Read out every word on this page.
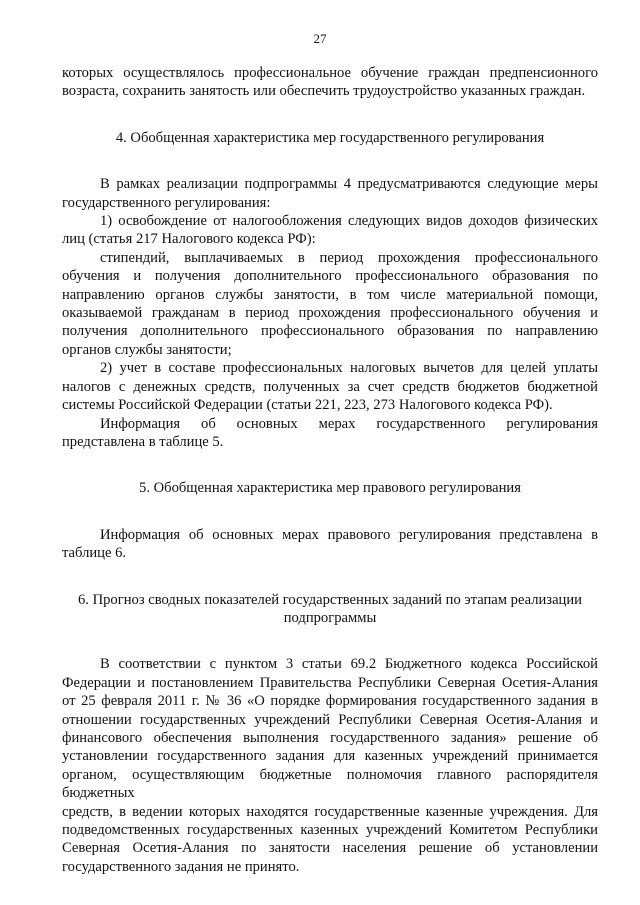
27

которых осуществлялось профессиональное обучение граждан предпенсионного возраста, сохранить занятость или обеспечить трудоустройство указанных граждан.

4. Обобщенная характеристика мер государственного регулирования

В рамках реализации подпрограммы 4 предусматриваются следующие меры государственного регулирования:

1) освобождение от налогообложения следующих видов доходов физических лиц (статья 217 Налогового кодекса РФ):

стипендий, выплачиваемых в период прохождения профессионального обучения и получения дополнительного профессионального образования по направлению органов службы занятости, в том числе материальной помощи, оказываемой гражданам в период прохождения профессионального обучения и получения дополнительного профессионального образования по направлению органов службы занятости;

2) учет в составе профессиональных налоговых вычетов для целей уплаты налогов с денежных средств, полученных за счет средств бюджетов бюджетной системы Российской Федерации (статьи 221, 223, 273 Налогового кодекса РФ).

Информация об основных мерах государственного регулирования представлена в таблице 5.

5. Обобщенная характеристика мер правового регулирования

Информация об основных мерах правового регулирования представлена в таблице 6.

6. Прогноз сводных показателей государственных заданий по этапам реализации

подпрограммы

В соответствии с пунктом 3 статьи 69.2 Бюджетного кодекса Российской Федерации и постановлением Правительства Республики Северная Осетия-Алания от 25 февраля 2011 г. № 36 «О порядке формирования государственного задания в отношении государственных учреждений Республики Северная Осетия-Алания и финансового обеспечения выполнения государственного задания» решение об установлении государственного задания для казенных учреждений принимается органом, осуществляющим бюджетные полномочия главного распорядителя бюджетных

средств, в ведении которых находятся государственные казенные учреждения. Для подведомственных государственных казенных учреждений Комитетом Республики Северная Осетия-Алания по занятости населения решение об установлении государственного задания не принято.
